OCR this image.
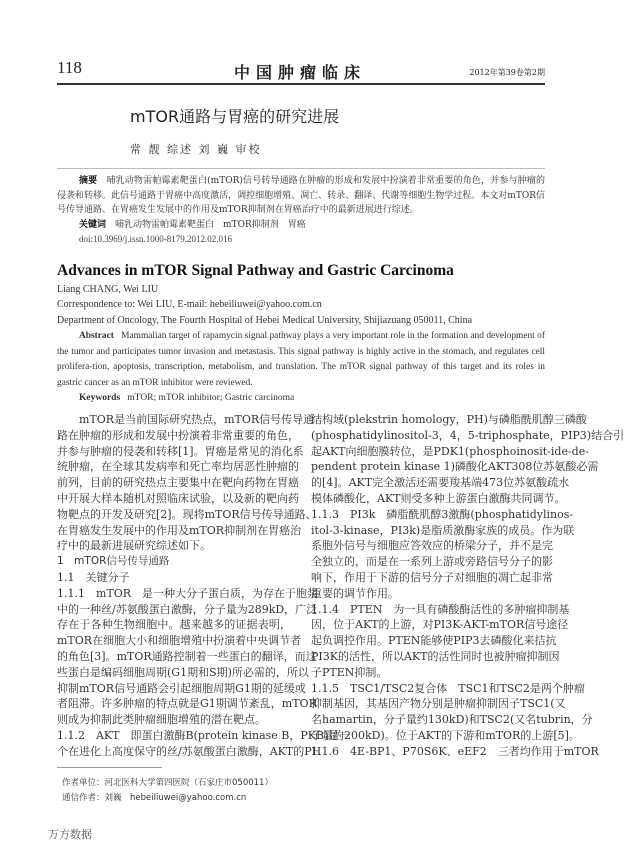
118	中国肿瘤临床	2012年第39卷第2期
mTOR通路与胃癌的研究进展
常 靓 综述 刘 巍 审校
摘要　 哺乳动物雷帕霉素靶蛋白(mTOR)信号转导通路在肿瘤的形成和发展中扮演着非常重要的角色，并参与肿瘤的侵袭和转移。此信号通路于胃癌中高度激活，调控细胞增殖、凋亡、转录、翻译、代谢等细胞生物学过程。本文对mTOR信号传导通路、在胃癌发生发展中的作用及mTOR抑制剂在胃癌治疗中的最新进展进行综述。
关键词　 哺乳动物雷帕霉素靶蛋白　mTOR抑制剂　胃癌
doi:10.3969/j.issn.1000-8179.2012.02.016
Advances in mTOR Signal Pathway and Gastric Carcinoma
Liang CHANG, Wei LIU
Correspondence to: Wei LIU, E-mail: hebeiliuwei@yahoo.com.cn
Department of Oncology, The Fourth Hospital of Hebei Medical University, Shijiazuang 050011, China
Abstract Mammalian target of rapamycin signal pathway plays a very important role in the formation and development of the tumor and participates tumor invasion and metastasis. This signal pathway is highly active in the stomach, and regulates cell prolifera-tion, apoptosis, transcription, metabolism, and translation. The mTOR signal pathway of this target and its roles in gastric cancer as an mTOR inhibitor were reviewed.
Keywords mTOR; mTOR inhibitor; Gastric carcinoma
mTOR是当前国际研究热点，mTOR信号传导通
路在肿瘤的形成和发展中扮演着非常重要的角色，
并参与肿瘤的侵袭和转移[1]。胃癌是常见的消化系
统肿瘤，在全球其发病率和死亡率均居恶性肿瘤的
前列，目前的研究热点主要集中在靶向药物在胃癌
中开展大样本随机对照临床试验，以及新的靶向药
物靶点的开发及研究[2]。现将mTOR信号传导通路、
在胃癌发生发展中的作用及mTOR抑制剂在胃癌治
疗中的最新进展研究综述如下。
1　mTOR信号传导通路
1.1　关键分子
1.1.1　mTOR　是一种大分子蛋白质，为存在于胞浆
中的一种丝/苏氨酸蛋白激酶，分子量为289kD，广泛
存在于各种生物细胞中。越来越多的证据表明，
mTOR在细胞大小和细胞增殖中扮演着中央调节者
的角色[3]。mTOR通路控制着一些蛋白的翻译，而这
些蛋白是编码细胞周期(G1期和S期)所必需的，所以
抑制mTOR信号通路会引起细胞周期G1期的延缓或
者阻滞。许多肿瘤的特点就是G1期调节紊乱，mTOR
则成为抑制此类肿瘤细胞增殖的潜在靶点。
1.1.2　AKT　即蛋白激酶B(protein kinase B，PKB)是一
个在进化上高度保守的丝/苏氨酸蛋白激酶，AKT的PH
结构域(plekstrin homology，PH)与磷脂酰肌醇三磷酸
(phosphatidylinositol-3，4，5-triphosphate，PIP3)结合引
起AKT向细胞膜转位，是PDK1(phosphoinosit-ide-de-
pendent protein kinase 1)磷酸化AKT308位苏氨酸必需
的[4]。AKT完全激活还需要羧基端473位苏氨酸疏水
模体磷酸化，AKT则受多种上游蛋白激酶共同调节。
1.1.3　PI3k　磷脂酰肌醇3激酶(phosphatidylinos-
itol-3-kinase，PI3k)是脂质激酶家族的成员。作为联
系胞外信号与细胞应答效应的桥梁分子，并不是完
全独立的，而是在一系列上游或旁路信号分子的影
响下，作用于下游的信号分子对细胞的凋亡起非常
重要的调节作用。
1.1.4　PTEN　为一具有磷酸酶活性的多肿瘤抑制基
因，位于AKT的上游，对PI3K-AKT-mTOR信号途径
起负调控作用。PTEN能够使PIP3去磷酸化来拮抗
PI3K的活性，所以AKT的活性同时也被肿瘤抑制因
子PTEN抑制。
1.1.5　TSC1/TSC2复合体　TSC1和TSC2是两个肿瘤
抑制基因，其基因产物分别是肿瘤抑制因子TSC1(又
名hamartin，分子量约130kD)和TSC2(又名tubrin，分
子量约200kD)。位于AKT的下游和mTOR的上游[5]。
1.1.6　4E-BP1、P70S6K、eEF2　三者均作用于mTOR
作者单位：河北医科大学第四医院（石家庄市050011）
通信作者：刘巍　hebeiliuwei@yahoo.com.cn
万方数据
